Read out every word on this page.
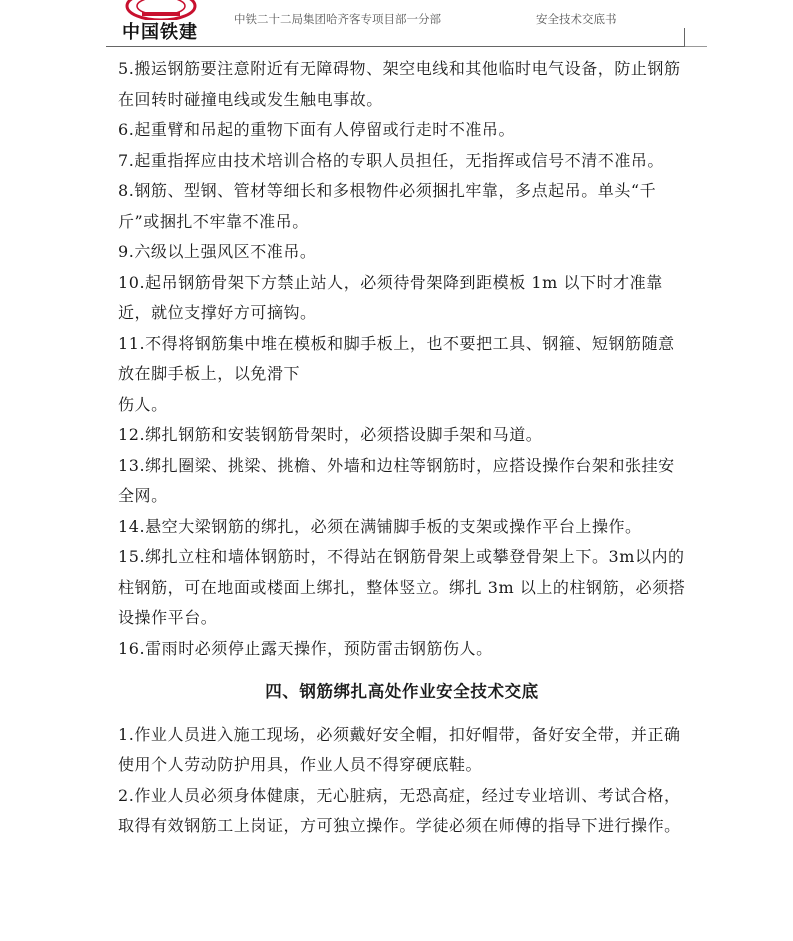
中国铁建
中铁二十二局集团哈齐客专项目部一分部	安全技术交底书

5.搬运钢筋要注意附近有无障碍物、架空电线和其他临时电气设备，防止钢筋在回转时碰撞电线或发生触电事故。

6.起重臂和吊起的重物下面有人停留或行走时不准吊。

7.起重指挥应由技术培训合格的专职人员担任，无指挥或信号不清不准吊。

8.钢筋、型钢、管材等细长和多根物件必须捆扎牢靠，多点起吊。单头“千斤”或捆扎不牢靠不准吊。

9.六级以上强风区不准吊。

10.起吊钢筋骨架下方禁止站人，必须待骨架降到距模板 1m 以下时才准靠近，就位支撑好方可摘钩。

11.不得将钢筋集中堆在模板和脚手板上，也不要把工具、钢箍、短钢筋随意放在脚手板上，以免滑下

伤人。

12.绑扎钢筋和安装钢筋骨架时，必须搭设脚手架和马道。

13.绑扎圈梁、挑梁、挑檐、外墙和边柱等钢筋时，应搭设操作台架和张挂安全网。

14.悬空大梁钢筋的绑扎，必须在满铺脚手板的支架或操作平台上操作。

15.绑扎立柱和墙体钢筋时，不得站在钢筋骨架上或攀登骨架上下。3m以内的柱钢筋，可在地面或楼面上绑扎，整体竖立。绑扎 3m 以上的柱钢筋，必须搭设操作平台。

16.雷雨时必须停止露天操作，预防雷击钢筋伤人。

四、钢筋绑扎高处作业安全技术交底

1.作业人员进入施工现场，必须戴好安全帽，扣好帽带，备好安全带，并正确使用个人劳动防护用具，作业人员不得穿硬底鞋。

2.作业人员必须身体健康，无心脏病，无恐高症，经过专业培训、考试合格，取得有效钢筋工上岗证，方可独立操作。学徒必须在师傅的指导下进行操作。
